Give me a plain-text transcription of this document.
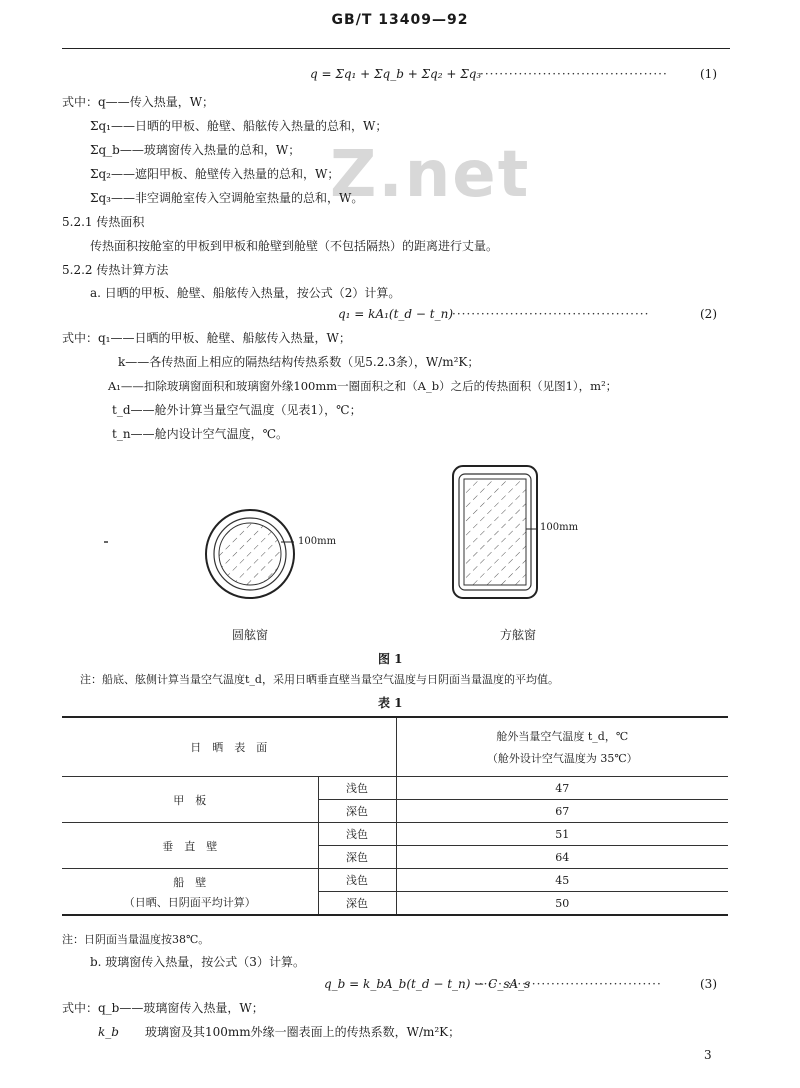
GB/T 13409—92
Z.net
q = Σq₁ + Σq_b + Σq₂ + Σq₃
·······································	(1)
式中：q——传入热量，W；
Σq₁——日晒的甲板、舱壁、船舷传入热量的总和，W；
Σq_b——玻璃窗传入热量的总和，W；
Σq₂——遮阳甲板、舱壁传入热量的总和，W；
Σq₃——非空调舱室传入空调舱室热量的总和，W。
5.2.1 传热面积
传热面积按舱室的甲板到甲板和舱壁到舱壁（不包括隔热）的距离进行丈量。
5.2.2 传热计算方法
a. 日晒的甲板、舱壁、船舷传入热量，按公式（2）计算。
q₁ = kA₁(t_d − t_n)
·········································	(2)
式中：q₁——日晒的甲板、舱壁、船舷传入热量，W；
k——各传热面上相应的隔热结构传热系数（见5.2.3条），W/m²K；
A₁——扣除玻璃窗面积和玻璃窗外缘100mm一圈面积之和（A_b）之后的传热面积（见图1），m²；
t_d——舱外计算当量空气温度（见表1），℃；
t_n——舱内设计空气温度，℃。
100mm
100mm
圆舷窗	方舷窗
图 1
注：船底、舷侧计算当量空气温度t_d，采用日晒垂直壁当量空气温度与日阴面当量温度的平均值。
表 1
日　晒　表　面		舱外当量空气温度 t_d，℃
（舱外设计空气温度为 35℃）

甲　板	浅色	47
	深色	67
垂　直　壁	浅色	51
	深色	64

船　壁
（日晒、日阴面平均计算）	浅色	45
	深色	50
注：日阴面当量温度按38℃。
b. 玻璃窗传入热量，按公式（3）计算。
q_b = k_bA_b(t_d − t_n) − C_sA_s
·······································	(3)
式中：q_b——玻璃窗传入热量，W；
k_b 玻璃窗及其100mm外缘一圈表面上的传热系数，W/m²K；
3
